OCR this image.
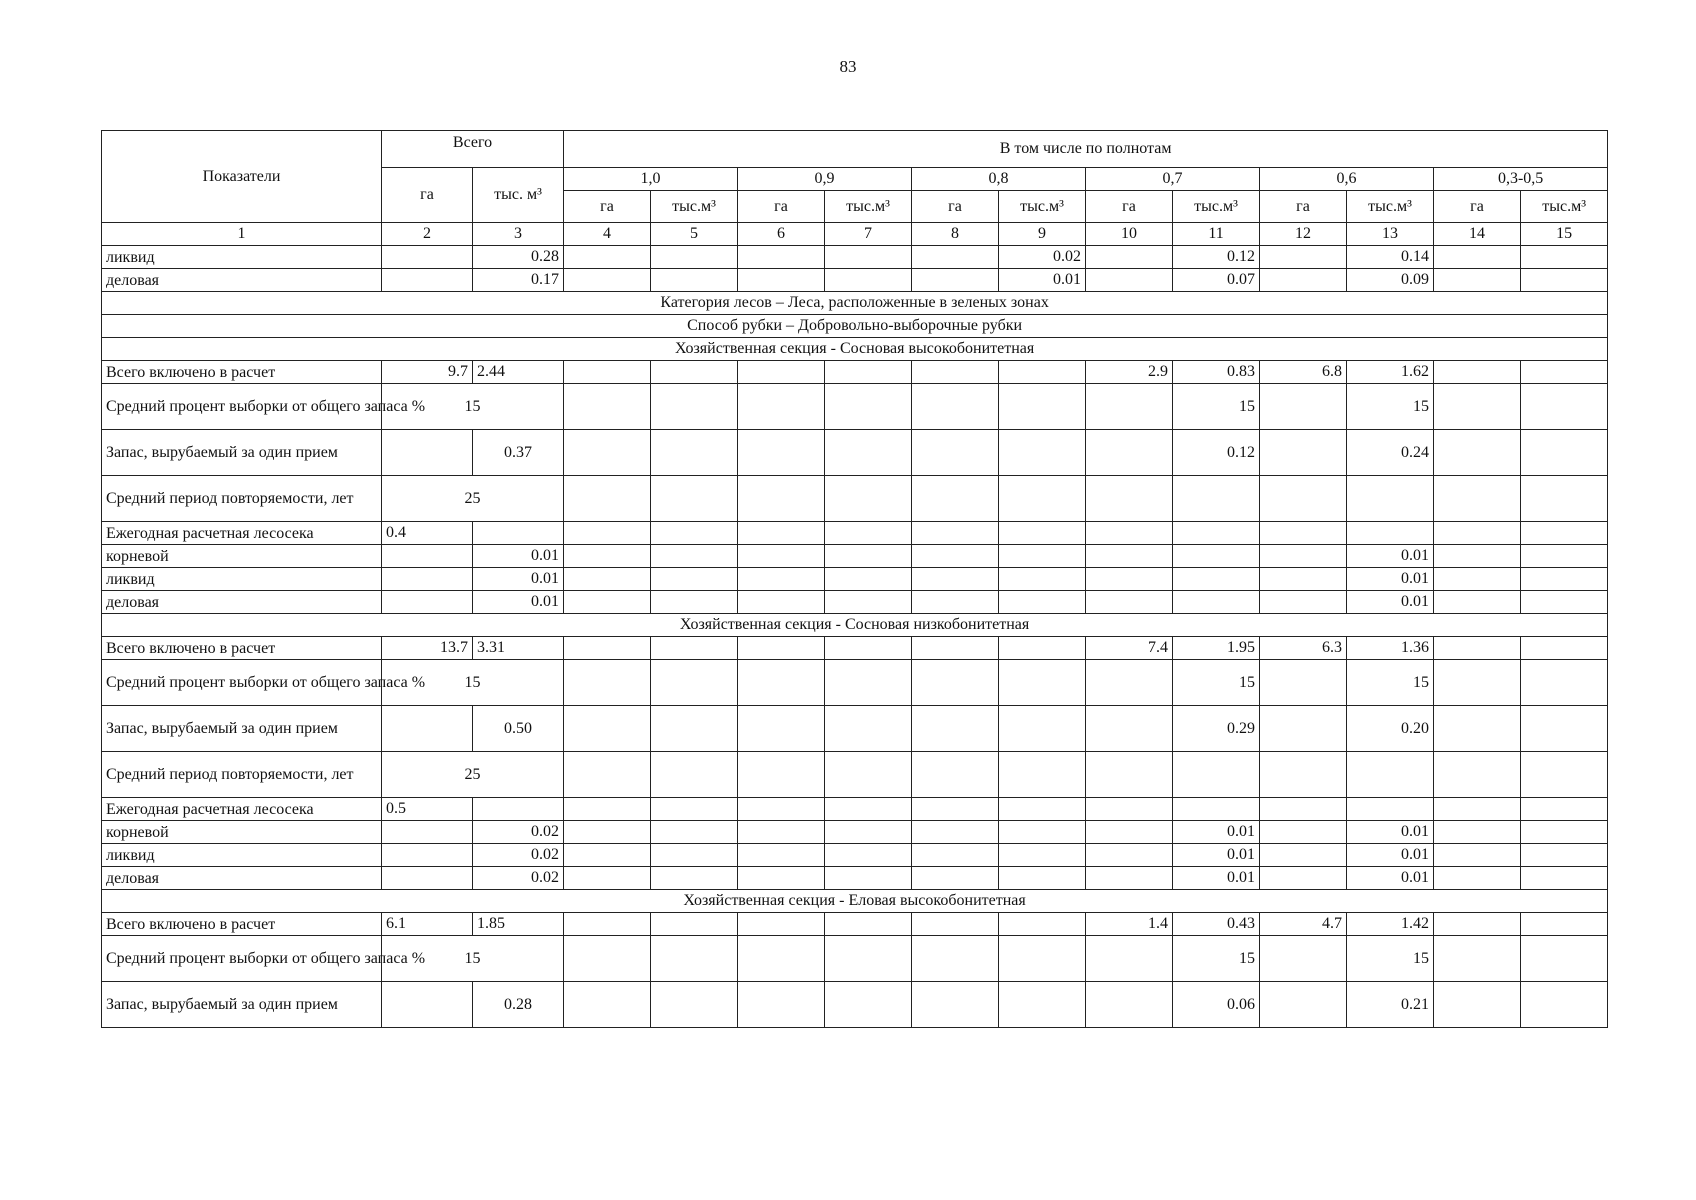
83
Показатели	Всего		В том числе по полнотам											
	га	тыс. м³	1,0		0,9		0,8		0,7		0,6		0,3-0,5	
			га	тыс.м³	га	тыс.м³	га	тыс.м³	га	тыс.м³	га	тыс.м³	га	тыс.м³
1	2	3	4	5	6	7	8	9	10	11	12	13	14	15
ликвид		0.28						0.02		0.12		0.14		
деловая		0.17						0.01		0.07		0.09		
Категория лесов – Леса, расположенные в зеленых зонах														
Способ рубки – Добровольно-выборочные рубки														
Хозяйственная секция - Сосновая высокобонитетная														
Всего включено в расчет	9.7	2.44							2.9	0.83	6.8	1.62		
Средний процент выборки от общего запаса %	15									15		15		
Запас, вырубаемый за один прием		0.37								0.12		0.24		
Средний период повторяемости, лет	25													
Ежегодная расчетная лесосека	0.4													
корневой		0.01										0.01		
ликвид		0.01										0.01		
деловая		0.01										0.01		
Хозяйственная секция - Сосновая низкобонитетная														
Всего включено в расчет	13.7	3.31							7.4	1.95	6.3	1.36		
Средний процент выборки от общего запаса %	15									15		15		
Запас, вырубаемый за один прием		0.50								0.29		0.20		
Средний период повторяемости, лет	25													
Ежегодная расчетная лесосека	0.5													
корневой		0.02								0.01		0.01		
ликвид		0.02								0.01		0.01		
деловая		0.02								0.01		0.01		
Хозяйственная секция - Еловая высокобонитетная														
Всего включено в расчет	6.1	1.85							1.4	0.43	4.7	1.42		
Средний процент выборки от общего запаса %	15									15		15		
Запас, вырубаемый за один прием		0.28								0.06		0.21		
